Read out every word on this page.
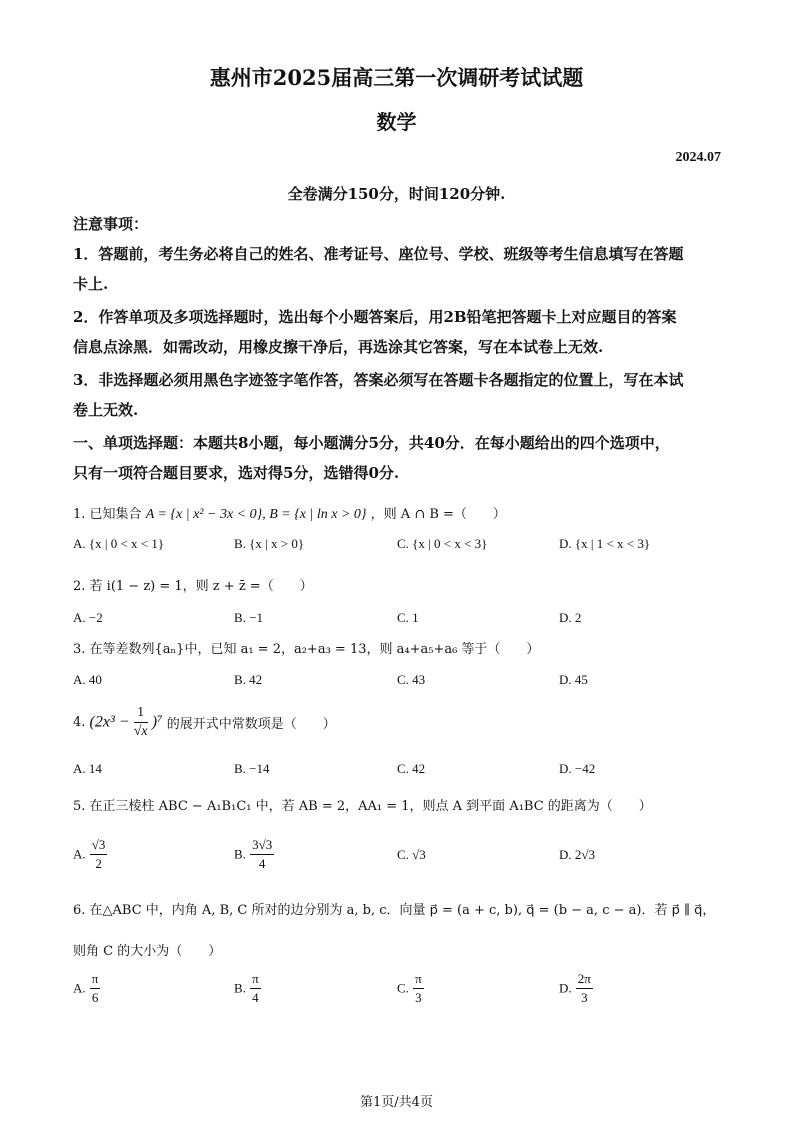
惠州市2025届高三第一次调研考试试题
数学
2024.07
全卷满分150分，时间120分钟.
注意事项：
1．答题前，考生务必将自己的姓名、准考证号、座位号、学校、班级等考生信息填写在答题
卡上.
2．作答单项及多项选择题时，选出每个小题答案后，用2B铅笔把答题卡上对应题目的答案
信息点涂黑．如需改动，用橡皮擦干净后，再选涂其它答案，写在本试卷上无效.
3．非选择题必须用黑色字迹签字笔作答，答案必须写在答题卡各题指定的位置上，写在本试
卷上无效.
一、单项选择题：本题共8小题，每小题满分5分，共40分．在每小题给出的四个选项中，
只有一项符合题目要求，选对得5分，选错得0分.
1. 已知集合 A = {x | x² − 3x < 0}, B = {x | ln x > 0} ，则 A ∩ B =（　　）
A. {x | 0 < x < 1}	B. {x | x > 0}	C. {x | 0 < x < 3}	D. {x | 1 < x < 3}
2. 若 i(1 − z) = 1，则 z + z̄ =（　　）
A. −2	B. −1	C. 1	D. 2
3. 在等差数列{aₙ}中，已知 a₁ = 2，a₂+a₃ = 13，则 a₄+a₅+a₆ 等于（　　）
A. 40	B. 42	C. 43	D. 45
4. $(2x^3 - \frac{1}{√x} )^7$ 的展开式中常数项是（　　）
A. 14	B. −14	C. 42	D. −42
5. 在正三棱柱 ABC − A₁B₁C₁ 中，若 AB = 2，AA₁ = 1，则点 A 到平面 A₁BC 的距离为（　　）
A. $\frac{√3}{2}$	B. $\frac{3√3}{4}$	C. √3	D. 2√3
6. 在△ABC 中，内角 A, B, C 所对的边分别为 a, b, c．向量 p⃗ = (a + c, b), q⃗ = (b − a, c − a)．若 p⃗ ∥ q⃗，
则角 C 的大小为（　　）
A. $\frac{\pi}{6}$	B. $\frac{\pi}{4}$	C. $\frac{\pi}{3}$	D. $\frac{2\pi}{3}$
第1页/共4页
